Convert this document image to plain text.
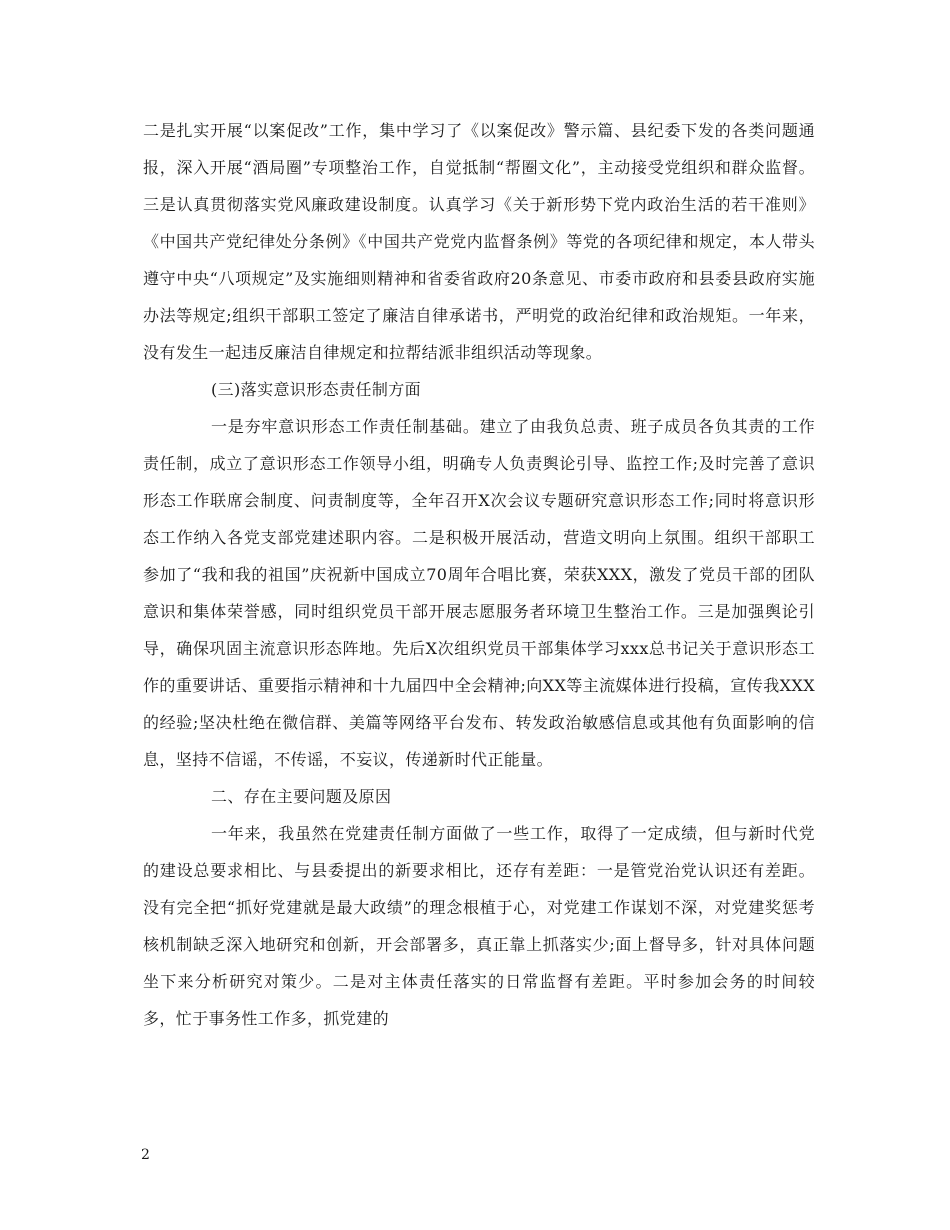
二是扎实开展“以案促改”工作，集中学习了《以案促改》警示篇、县纪委下发的各类问题通报，深入开展“酒局圈”专项整治工作，自觉抵制“帮圈文化”，主动接受党组织和群众监督。三是认真贯彻落实党风廉政建设制度。认真学习《关于新形势下党内政治生活的若干准则》《中国共产党纪律处分条例》《中国共产党党内监督条例》等党的各项纪律和规定，本人带头遵守中央“八项规定”及实施细则精神和省委省政府20条意见、市委市政府和县委县政府实施办法等规定;组织干部职工签定了廉洁自律承诺书，严明党的政治纪律和政治规矩。一年来，没有发生一起违反廉洁自律规定和拉帮结派非组织活动等现象。

(三)落实意识形态责任制方面

一是夯牢意识形态工作责任制基础。建立了由我负总责、班子成员各负其责的工作责任制，成立了意识形态工作领导小组，明确专人负责舆论引导、监控工作;及时完善了意识形态工作联席会制度、问责制度等，全年召开X次会议专题研究意识形态工作;同时将意识形态工作纳入各党支部党建述职内容。二是积极开展活动，营造文明向上氛围。组织干部职工参加了“我和我的祖国”庆祝新中国成立70周年合唱比赛，荣获XXX，激发了党员干部的团队意识和集体荣誉感，同时组织党员干部开展志愿服务者环境卫生整治工作。三是加强舆论引导，确保巩固主流意识形态阵地。先后X次组织党员干部集体学习xxx总书记关于意识形态工作的重要讲话、重要指示精神和十九届四中全会精神;向XX等主流媒体进行投稿，宣传我XXX的经验;坚决杜绝在微信群、美篇等网络平台发布、转发政治敏感信息或其他有负面影响的信息，坚持不信谣，不传谣，不妄议，传递新时代正能量。

二、存在主要问题及原因

一年来，我虽然在党建责任制方面做了一些工作，取得了一定成绩，但与新时代党的建设总要求相比、与县委提出的新要求相比，还存有差距：一是管党治党认识还有差距。没有完全把“抓好党建就是最大政绩”的理念根植于心，对党建工作谋划不深，对党建奖惩考核机制缺乏深入地研究和创新，开会部署多，真正靠上抓落实少;面上督导多，针对具体问题坐下来分析研究对策少。二是对主体责任落实的日常监督有差距。平时参加会务的时间较多，忙于事务性工作多，抓党建的

2
